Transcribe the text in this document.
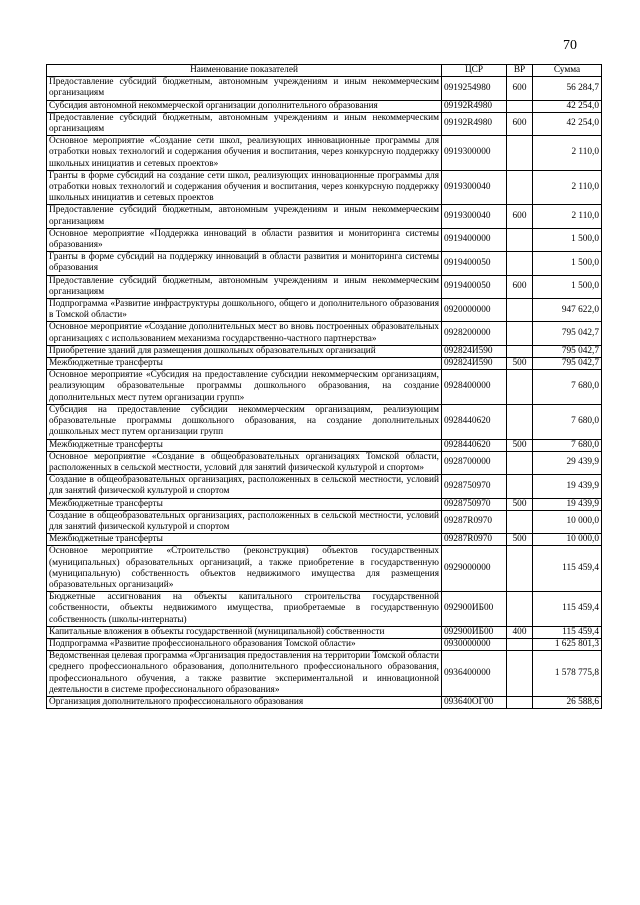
70
Наименование показателей	ЦСР	ВР	Сумма
Предоставление субсидий бюджетным, автономным учреждениям и иным некоммерческим организациям	0919254980	600	56 284,7
Субсидия автономной некоммерческой организации дополнительного образования	09192R4980		42 254,0
Предоставление субсидий бюджетным, автономным учреждениям и иным некоммерческим организациям	09192R4980	600	42 254,0
Основное мероприятие «Создание сети школ, реализующих инновационные программы для отработки новых технологий и содержания обучения и воспитания, через конкурсную поддержку школьных инициатив и сетевых проектов»	0919300000		2 110,0
Гранты в форме субсидий на создание сети школ, реализующих инновационные программы для отработки новых технологий и содержания обучения и воспитания, через конкурсную поддержку школьных инициатив и сетевых проектов	0919300040		2 110,0
Предоставление субсидий бюджетным, автономным учреждениям и иным некоммерческим организациям	0919300040	600	2 110,0
Основное мероприятие «Поддержка инноваций в области развития и мониторинга системы образования»	0919400000		1 500,0
Гранты в форме субсидий на поддержку инноваций в области развития и мониторинга системы образования	0919400050		1 500,0
Предоставление субсидий бюджетным, автономным учреждениям и иным некоммерческим организациям	0919400050	600	1 500,0
Подпрограмма «Развитие инфраструктуры дошкольного, общего и дополнительного образования в Томской области»	0920000000		947 622,0
Основное мероприятие «Создание дополнительных мест во вновь построенных образовательных организациях с использованием механизма государственно-частного партнерства»	0928200000		795 042,7
Приобретение зданий для размещения дошкольных образовательных организаций	092824И590		795 042,7
Межбюджетные трансферты	092824И590	500	795 042,7
Основное мероприятие «Субсидия на предоставление субсидии некоммерческим организациям, реализующим образовательные программы дошкольного образования, на создание дополнительных мест путем организации групп»	0928400000		7 680,0
Субсидия на предоставление субсидии некоммерческим организациям, реализующим образовательные программы дошкольного образования, на создание дополнительных дошкольных мест путем организации групп	0928440620		7 680,0
Межбюджетные трансферты	0928440620	500	7 680,0
Основное мероприятие «Создание в общеобразовательных организациях Томской области, расположенных в сельской местности, условий для занятий физической культурой и спортом»	0928700000		29 439,9
Создание в общеобразовательных организациях, расположенных в сельской местности, условий для занятий физической культурой и спортом	0928750970		19 439,9
Межбюджетные трансферты	0928750970	500	19 439,9
Создание в общеобразовательных организациях, расположенных в сельской местности, условий для занятий физической культурой и спортом	09287R0970		10 000,0
Межбюджетные трансферты	09287R0970	500	10 000,0
Основное мероприятие «Строительство (реконструкция) объектов государственных (муниципальных) образовательных организаций, а также приобретение в государственную (муниципальную) собственность объектов недвижимого имущества для размещения образовательных организаций»	0929000000		115 459,4
Бюджетные ассигнования на объекты капитального строительства государственной собственности, объекты недвижимого имущества, приобретаемые в государственную собственность (школы-интернаты)	092900ИБ00		115 459,4
Капитальные вложения в объекты государственной (муниципальной) собственности	092900ИБ00	400	115 459,4
Подпрограмма «Развитие профессионального образования Томской области»	0930000000		1 625 801,3
Ведомственная целевая программа «Организация предоставления на территории Томской области среднего профессионального образования, дополнительного профессионального образования, профессионального обучения, а также развитие экспериментальной и инновационной деятельности в системе профессионального образования»	0936400000		1 578 775,8
Организация дополнительного профессионального образования	093640ОГ00		26 588,6
